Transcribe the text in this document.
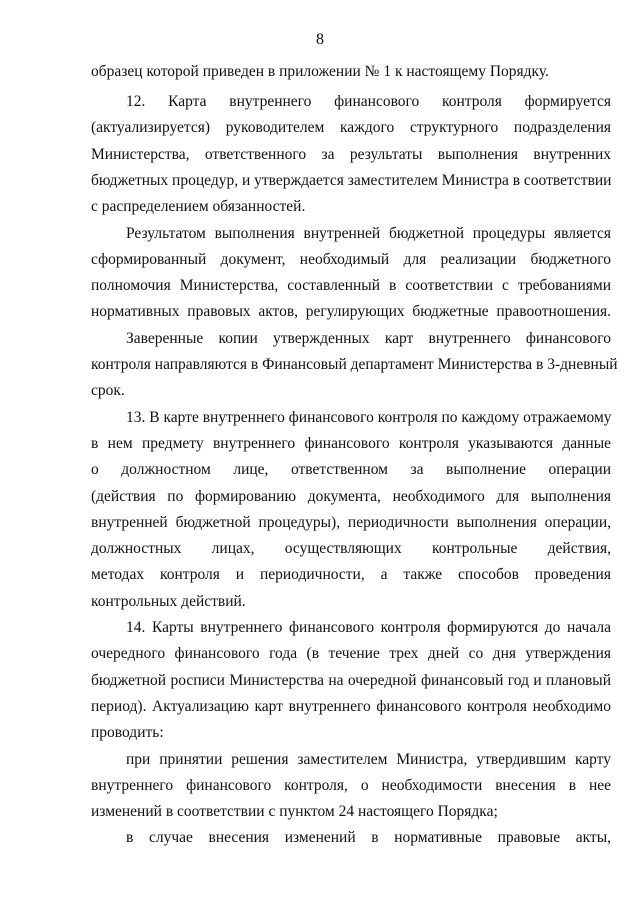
8
образец которой приведен в приложении № 1 к настоящему Порядку.
12. Карта внутреннего финансового контроля формируется
(актуализируется) руководителем каждого структурного подразделения
Министерства, ответственного за результаты выполнения внутренних
бюджетных процедур, и утверждается заместителем Министра в соответствии
с распределением обязанностей.
Результатом выполнения внутренней бюджетной процедуры является
сформированный документ, необходимый для реализации бюджетного
полномочия Министерства, составленный в соответствии с требованиями
нормативных правовых актов, регулирующих бюджетные правоотношения.
Заверенные копии утвержденных карт внутреннего финансового
контроля направляются в Финансовый департамент Министерства в 3-дневный
срок.
13. В карте внутреннего финансового контроля по каждому отражаемому
в нем предмету внутреннего финансового контроля указываются данные
о должностном лице, ответственном за выполнение операции
(действия по формированию документа, необходимого для выполнения
внутренней бюджетной процедуры), периодичности выполнения операции,
должностных лицах, осуществляющих контрольные действия,
методах контроля и периодичности, а также способов проведения
контрольных действий.
14. Карты внутреннего финансового контроля формируются до начала
очередного финансового года (в течение трех дней со дня утверждения
бюджетной росписи Министерства на очередной финансовый год и плановый
период). Актуализацию карт внутреннего финансового контроля необходимо
проводить:
при принятии решения заместителем Министра, утвердившим карту
внутреннего финансового контроля, о необходимости внесения в нее
изменений в соответствии с пунктом 24 настоящего Порядка;
в случае внесения изменений в нормативные правовые акты,
